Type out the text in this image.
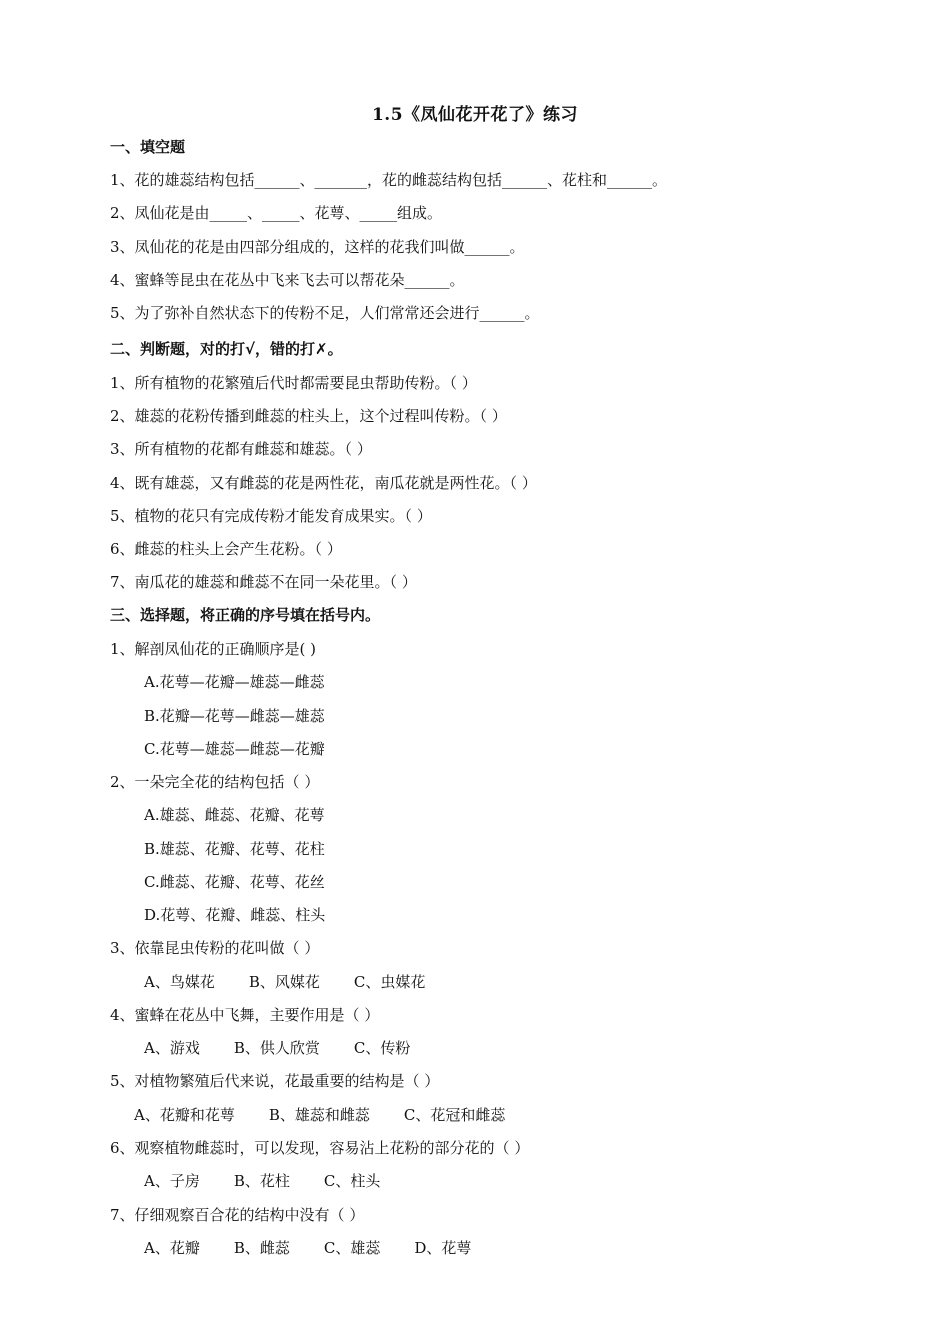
1.5《凤仙花开花了》练习
一、填空题
1、花的雄蕊结构包括______、_______，花的雌蕊结构包括______、花柱和______。
2、凤仙花是由_____、_____、花萼、_____组成。
3、凤仙花的花是由四部分组成的，这样的花我们叫做______。
4、蜜蜂等昆虫在花丛中飞来飞去可以帮花朵______。
5、为了弥补自然状态下的传粉不足，人们常常还会进行______。
二、判断题，对的打√，错的打✗。
1、所有植物的花繁殖后代时都需要昆虫帮助传粉。（ ）
2、雄蕊的花粉传播到雌蕊的柱头上，这个过程叫传粉。（ ）
3、所有植物的花都有雌蕊和雄蕊。（ ）
4、既有雄蕊，又有雌蕊的花是两性花，南瓜花就是两性花。（ ）
5、植物的花只有完成传粉才能发育成果实。（ ）
6、雌蕊的柱头上会产生花粉。（ ）
7、南瓜花的雄蕊和雌蕊不在同一朵花里。（ ）
三、选择题，将正确的序号填在括号内。
1、解剖凤仙花的正确顺序是( )
A.花萼—花瓣—雄蕊—雌蕊
B.花瓣—花萼—雌蕊—雄蕊
C.花萼—雄蕊—雌蕊—花瓣
2、一朵完全花的结构包括（ ）
A.雄蕊、雌蕊、花瓣、花萼
B.雄蕊、花瓣、花萼、花柱
C.雌蕊、花瓣、花萼、花丝
D.花萼、花瓣、雌蕊、柱头
3、依靠昆虫传粉的花叫做（ ）
A、鸟媒花 B、风媒花 C、虫媒花
4、蜜蜂在花丛中飞舞，主要作用是（ ）
A、游戏 B、供人欣赏 C、传粉
5、对植物繁殖后代来说，花最重要的结构是（ ）
A、花瓣和花萼 B、雄蕊和雌蕊 C、花冠和雌蕊
6、观察植物雌蕊时，可以发现，容易沾上花粉的部分花的（ ）
A、子房 B、花柱 C、柱头
7、仔细观察百合花的结构中没有（ ）
A、花瓣 B、雌蕊 C、雄蕊 D、花萼
